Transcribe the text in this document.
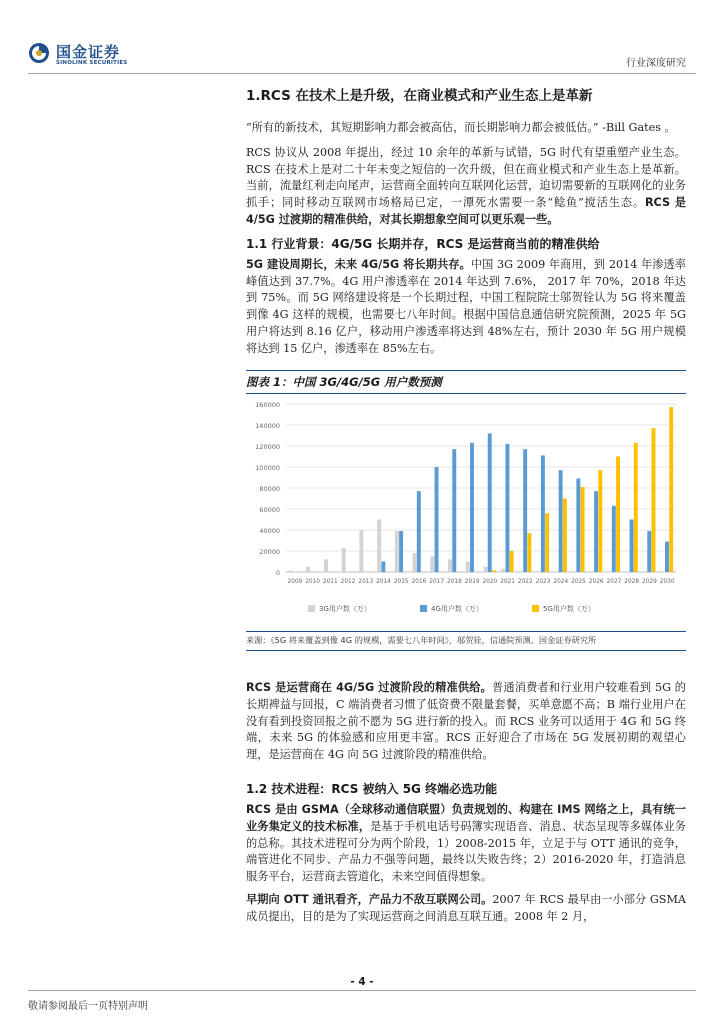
国金证券
SINOLINK SECURITIES	行业深度研究
1.RCS 在技术上是升级，在商业模式和产业生态上是革新

“所有的新技术，其短期影响力都会被高估，而长期影响力都会被低估。” -Bill Gates 。

RCS 协议从 2008 年提出，经过 10 余年的革新与试错，5G 时代有望重塑产业生态。RCS 在技术上是对二十年未变之短信的一次升级，但在商业模式和产业生态上是革新。当前，流量红利走向尾声，运营商全面转向互联网化运营，迫切需要新的互联网化的业务抓手；同时移动互联网市场格局已定，一潭死水需要一条“鲶鱼”搅活生态。RCS 是 4/5G 过渡期的精准供给，对其长期想象空间可以更乐观一些。

1.1 行业背景：4G/5G 长期并存，RCS 是运营商当前的精准供给

5G 建设周期长，未来 4G/5G 将长期共存。中国 3G 2009 年商用，到 2014 年渗透率峰值达到 37.7%。4G 用户渗透率在 2014 年达到 7.6%， 2017 年 70%，2018 年达到 75%。而 5G 网络建设将是一个长期过程，中国工程院院士邬贺铨认为 5G 将来覆盖到像 4G 这样的规模，也需要七八年时间。根据中国信息通信研究院预测，2025 年 5G 用户将达到 8.16 亿户，移动用户渗透率将达到 48%左右，预计 2030 年 5G 用户规模将达到 15 亿户，渗透率在 85%左右。

图表 1：中国 3G/4G/5G 用户数预测
0
20000
40000
60000
80000
100000
120000
140000
160000
2009 2010 2011 2012 2013 2014 2015 2016 2017 2018 2019 2020 2021 2022 2023 2024 2025 2026 2027 2028 2029 2030
3G用户数（万）	4G用户数（万）	5G用户数（万）
来源：《5G 将来覆盖到像 4G 的规模，需要七八年时间》，邬贺铨，信通院预测，国金证券研究所

RCS 是运营商在 4G/5G 过渡阶段的精准供给。普通消费者和行业用户较难看到 5G 的长期裨益与回报，C 端消费者习惯了低资费不限量套餐，买单意愿不高；B 端行业用户在没有看到投资回报之前不愿为 5G 进行新的投入。而 RCS 业务可以适用于 4G 和 5G 终端，未来 5G 的体验感和应用更丰富。RCS 正好迎合了市场在 5G 发展初期的观望心理，是运营商在 4G 向 5G 过渡阶段的精准供给。

1.2 技术进程：RCS 被纳入 5G 终端必选功能

RCS 是由 GSMA（全球移动通信联盟）负责规划的、构建在 IMS 网络之上，具有统一业务集定义的技术标准，是基于手机电话号码簿实现语音、消息、状态呈现等多媒体业务的总称。其技术进程可分为两个阶段，1）2008-2015 年，立足于与 OTT 通讯的竞争，端管进化不同步、产品力不强等问题，最终以失败告终；2）2016-2020 年，打造消息服务平台，运营商去管道化，未来空间值得想象。

早期向 OTT 通讯看齐，产品力不敌互联网公司。2007 年 RCS 最早由一小部分 GSMA 成员提出，目的是为了实现运营商之间消息互联互通。2008 年 2 月，

- 4 -
敬请参阅最后一页特别声明
